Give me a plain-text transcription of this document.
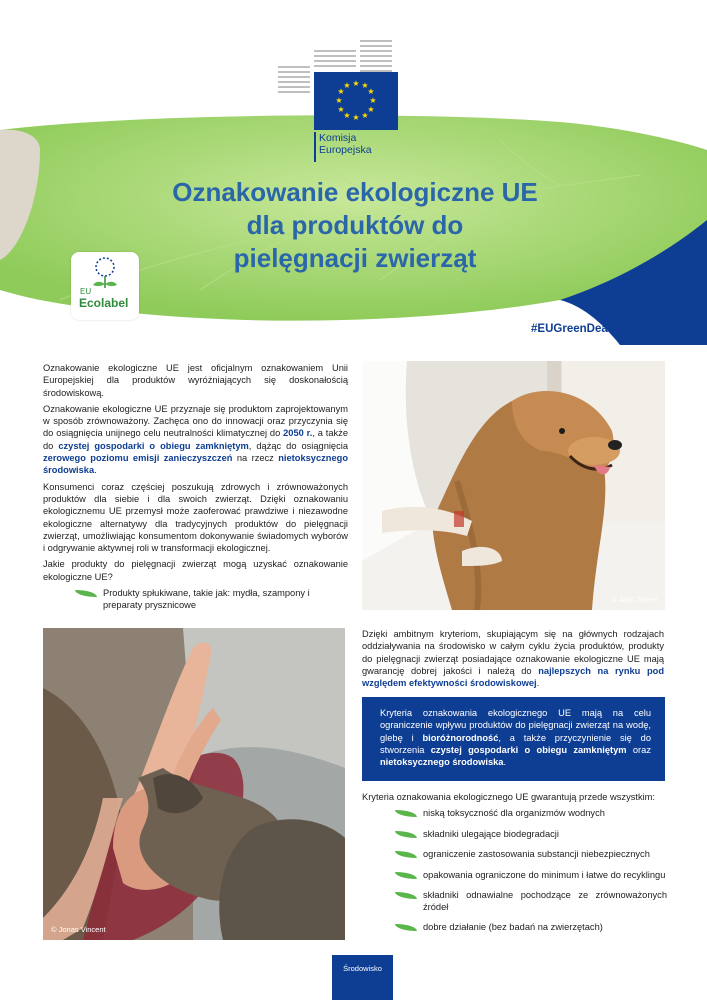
★ ★
★
★
★
★
★
★
★
★
★
★
Komisja
Europejska
Oznakowanie ekologiczne UE
dla produktów do
pielęgnacji zwierząt
EU
Ecolabel
Październik 2021
#EUGreenDeal  #EUEcolabel

Oznakowanie ekologiczne UE jest oficjalnym oznakowaniem Unii Europejskiej dla produktów wyróżniających się doskonałością środowiskową.

Oznakowanie ekologiczne UE przyznaje się produktom zaprojektowanym w sposób zrównoważony. Zachęca ono do innowacji oraz przyczynia się do osiągnięcia unijnego celu neutralności klimatycznej do 2050 r., a także do czystej gospodarki o obiegu zamkniętym, dążąc do osiągnięcia zerowego poziomu emisji zanieczyszczeń na rzecz nietoksycznego środowiska.

Konsumenci coraz częściej poszukują zdrowych i zrównoważonych produktów dla siebie i dla swoich zwierząt. Dzięki oznakowaniu ekologicznemu UE przemysł może zaoferować prawdziwe i niezawodne ekologiczne alternatywy dla tradycyjnych produktów do pielęgnacji zwierząt, umożliwiając konsumentom dokonywanie świadomych wyborów i odgrywanie aktywnej roli w transformacji ekologicznej.

Jakie produkty do pielęgnacji zwierząt mogą uzyskać oznakowanie ekologiczne UE?

Produkty spłukiwane, takie jak: mydła, szampony i preparaty prysznicowe
© Autri Taheri
© Jonas Vincent
Dzięki ambitnym kryteriom, skupiającym się na głównych rodzajach oddziaływania na środowisko w całym cyklu życia produktów, produkty do pielęgnacji zwierząt posiadające oznakowanie ekologiczne UE mają gwarancję dobrej jakości i należą do najlepszych na rynku pod względem efektywności środowiskowej.
Kryteria oznakowania ekologicznego UE mają na celu ograniczenie wpływu produktów do pielęgnacji zwierząt na wodę, glebę i bioróżnorodność, a także przyczynienie się do stworzenia czystej gospodarki o obiegu zamkniętym oraz nietoksycznego środowiska.
Kryteria oznakowania ekologicznego UE gwarantują przede wszystkim:
niską toksyczność dla organizmów wodnych
składniki ulegające biodegradacji
ograniczenie zastosowania substancji niebezpiecznych
opakowania ograniczone do minimum i łatwe do recyklingu
składniki odnawialne pochodzące ze zrównoważonych źródeł
dobre działanie (bez badań na zwierzętach)
Środowisko
